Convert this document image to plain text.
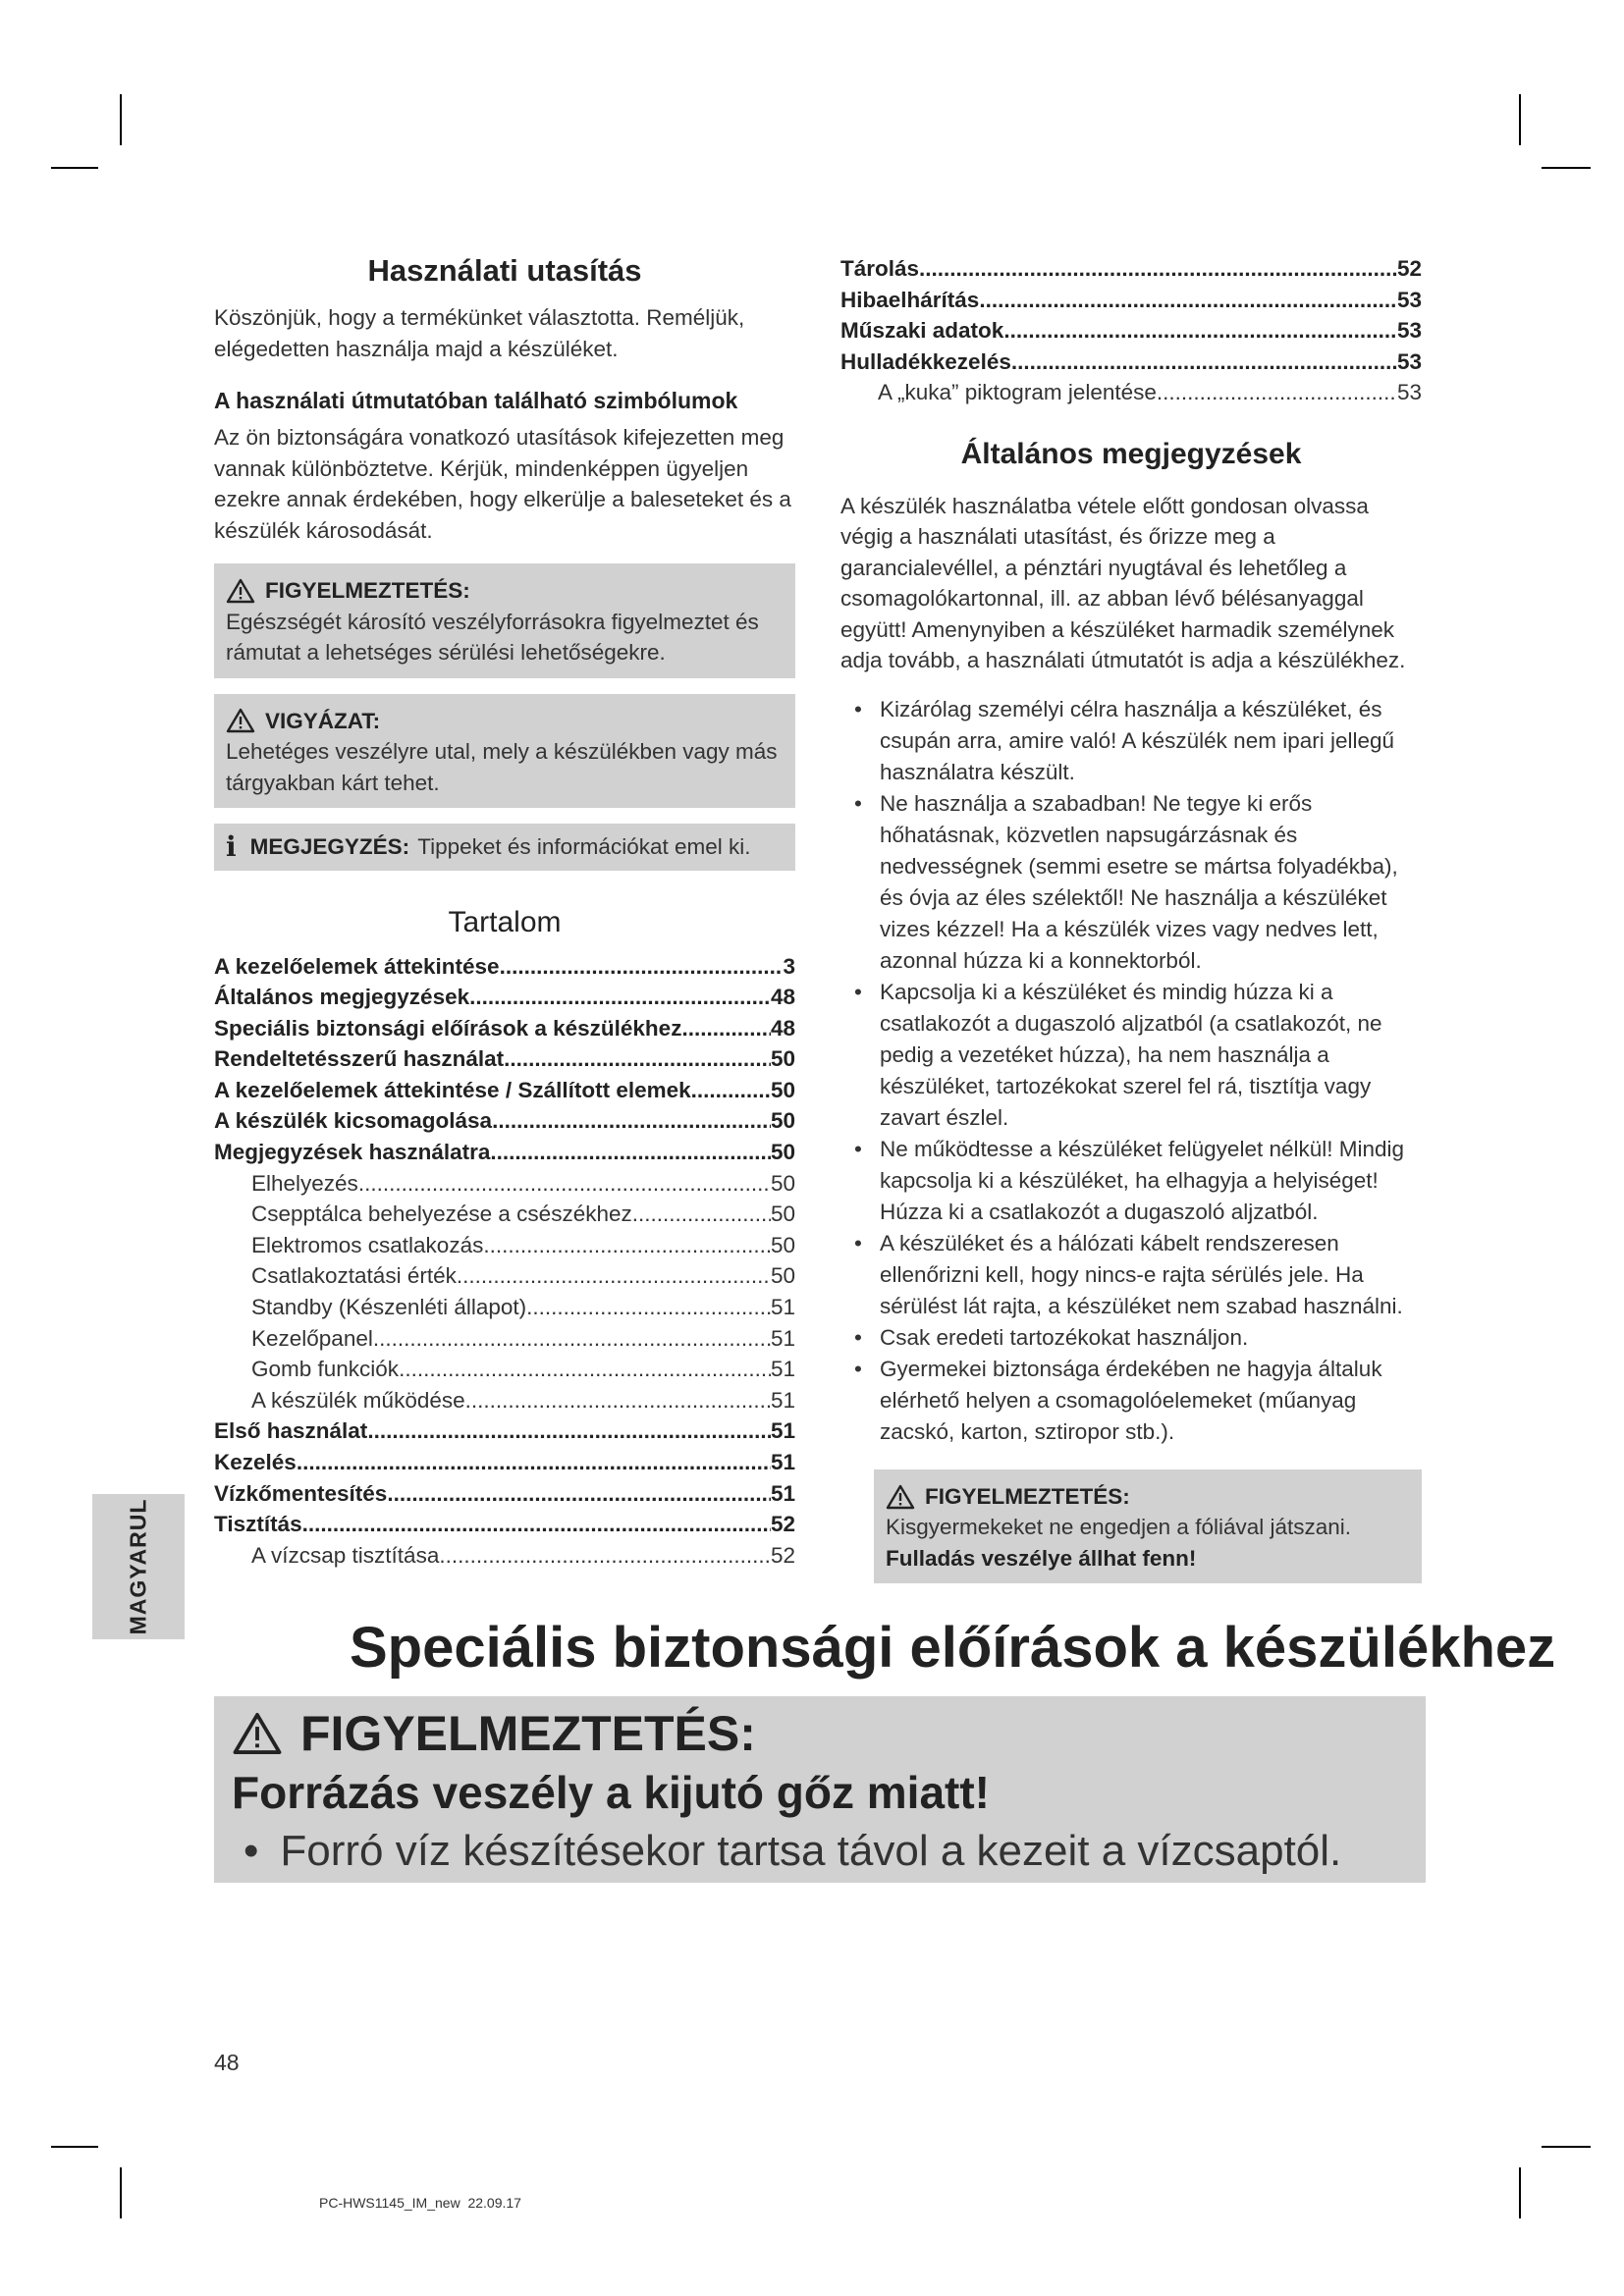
Használati utasítás

Köszönjük, hogy a termékünket választotta. Reméljük, elégedetten használja majd a készüléket.

A használati útmutatóban található szimbólumok

Az ön biztonságára vonatkozó utasítások kifejezetten meg vannak különböztetve. Kérjük, mindenképpen ügyeljen ezekre annak érdekében, hogy elkerülje a baleseteket és a készülék károsodását.

FIGYELMEZTETÉS:
Egészségét károsító veszélyforrásokra figyelmeztet és rámutat a lehetséges sérülési lehetőségekre.
VIGYÁZAT:
Lehetéges veszélyre utal, mely a készülékben vagy más tárgyakban kárt tehet.
i MEGJEGYZÉS: Tippeket és információkat emel ki.
Tartalom
A kezelőelemek áttekintése .....	3
Általános megjegyzések .....	48
Speciális biztonsági előírások a készülékhez .....	48
Rendeltetésszerű használat .....	50
A kezelőelemek áttekintése / Szállított elemek .....	50
A készülék kicsomagolása .....	50
Megjegyzések használatra .....	50
Elhelyezés .....	50
Csepptálca behelyezése a csészékhez .....	50
Elektromos csatlakozás .....	50
Csatlakoztatási érték .....	50
Standby (Készenléti állapot) .....	51
Kezelőpanel .....	51
Gomb funkciók .....	51
A készülék működése .....	51
Első használat .....	51
Kezelés .....	51
Vízkőmentesítés .....	51
Tisztítás .....	52
A vízcsap tisztítása .....	52
Tárolás .....	52
Hibaelhárítás .....	53
Műszaki adatok .....	53
Hulladékkezelés .....	53
A „kuka” piktogram jelentése .....	53
Általános megjegyzések

A készülék használatba vétele előtt gondosan olvassa végig a használati utasítást, és őrizze meg a garancialevéllel, a pénztári nyugtával és lehetőleg a csomagolókartonnal, ill. az abban lévő bélésanyaggal együtt! Amenynyiben a készüléket harmadik személynek adja tovább, a használati útmutatót is adja a készülékhez.

• Kizárólag személyi célra használja a készüléket, és csupán arra, amire való! A készülék nem ipari jellegű használatra készült.
• Ne használja a szabadban! Ne tegye ki erős hőhatásnak, közvetlen napsugárzásnak és nedvességnek (semmi esetre se mártsa folyadékba), és óvja az éles szélektől! Ne használja a készüléket vizes kézzel! Ha a készülék vizes vagy nedves lett, azonnal húzza ki a konnektorból.
• Kapcsolja ki a készüléket és mindig húzza ki a csatlakozót a dugaszoló aljzatból (a csatlakozót, ne pedig a vezetéket húzza), ha nem használja a készüléket, tartozékokat szerel fel rá, tisztítja vagy zavart észlel.
• Ne működtesse a készüléket felügyelet nélkül! Mindig kapcsolja ki a készüléket, ha elhagyja a helyiséget! Húzza ki a csatlakozót a dugaszoló aljzatból.
• A készüléket és a hálózati kábelt rendszeresen ellenőrizni kell, hogy nincs-e rajta sérülés jele. Ha sérülést lát rajta, a készüléket nem szabad használni.
• Csak eredeti tartozékokat használjon.
• Gyermekei biztonsága érdekében ne hagyja általuk elérhető helyen a csomagolóelemeket (műanyag zacskó, karton, sztiropor stb.).
FIGYELMEZTETÉS:
Kisgyermekeket ne engedjen a fóliával játszani.
Fulladás veszélye állhat fenn!
MAGYARUL
Speciális biztonsági előírások a készülékhez
FIGYELMEZTETÉS:
Forrázás veszély a kijutó gőz miatt!
• Forró víz készítésekor tartsa távol a kezeit a vízcsaptól.
48
PC-HWS1145_IM_new  22.09.17
